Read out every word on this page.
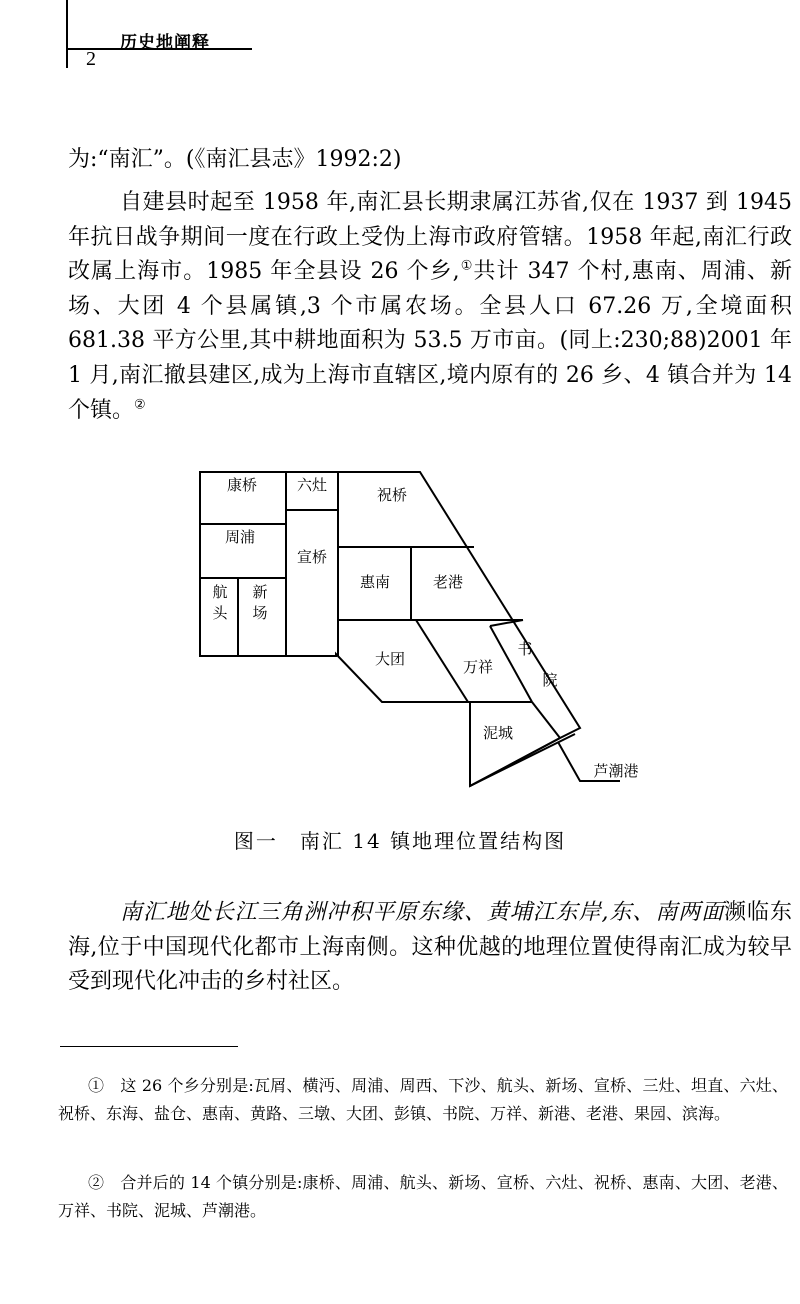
历史地阐释
2
为:“南汇”。(《南汇县志》1992:2)
自建县时起至 1958 年,南汇县长期隶属江苏省,仅在 1937 到 1945 年抗日战争期间一度在行政上受伪上海市政府管辖。1958 年起,南汇行政改属上海市。1985 年全县设 26 个乡,①共计 347 个村,惠南、周浦、新场、大团 4 个县属镇,3 个市属农场。全县人口 67.26 万,全境面积 681.38 平方公里,其中耕地面积为 53.5 万市亩。(同上:230;88)2001 年 1 月,南汇撤县建区,成为上海市直辖区,境内原有的 26 乡、4 镇合并为 14 个镇。②
康桥	六灶
祝桥
周浦
宣桥
航
头
新
场
惠南	老港
大团	万祥
书
院
泥城
芦潮港
图一　南汇 14 镇地理位置结构图
南汇地处长江三角洲冲积平原东缘、黄埔江东岸,东、南两面濒临东海,位于中国现代化都市上海南侧。这种优越的地理位置使得南汇成为较早受到现代化冲击的乡村社区。
①　 这 26 个乡分别是:瓦屑、横沔、周浦、周西、下沙、航头、新场、宣桥、三灶、坦直、六灶、祝桥、东海、盐仓、惠南、黄路、三墩、大团、彭镇、书院、万祥、新港、老港、果园、滨海。
②　 合并后的 14 个镇分别是:康桥、周浦、航头、新场、宣桥、六灶、祝桥、惠南、大团、老港、万祥、书院、泥城、芦潮港。
